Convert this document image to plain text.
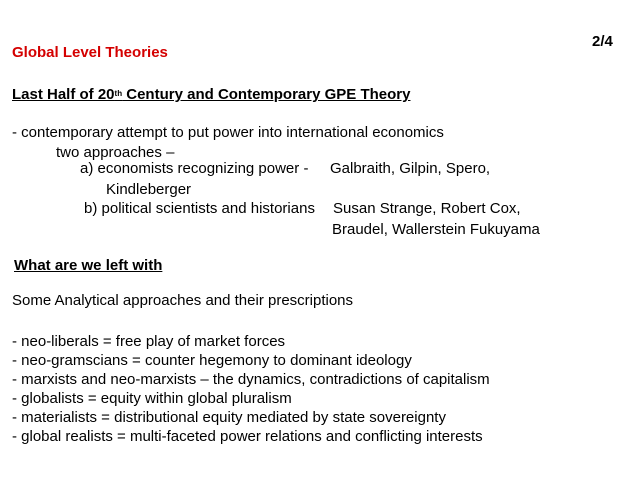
2/4
Global Level Theories
Last Half of 20th Century and Contemporary GPE Theory
- contemporary attempt to put power into international economics
two approaches –
a) economists recognizing power - Galbraith, Gilpin, Spero,
Kindleberger
b) political scientists and historians Susan Strange, Robert Cox,
Braudel, Wallerstein Fukuyama
What are we left with
Some Analytical approaches and their prescriptions
- neo-liberals = free play of market forces
- neo-gramscians = counter hegemony to dominant ideology
- marxists and neo-marxists – the dynamics, contradictions of capitalism
- globalists = equity within global pluralism
- materialists = distributional equity mediated by state sovereignty
- global realists = multi-faceted power relations and conflicting interests
